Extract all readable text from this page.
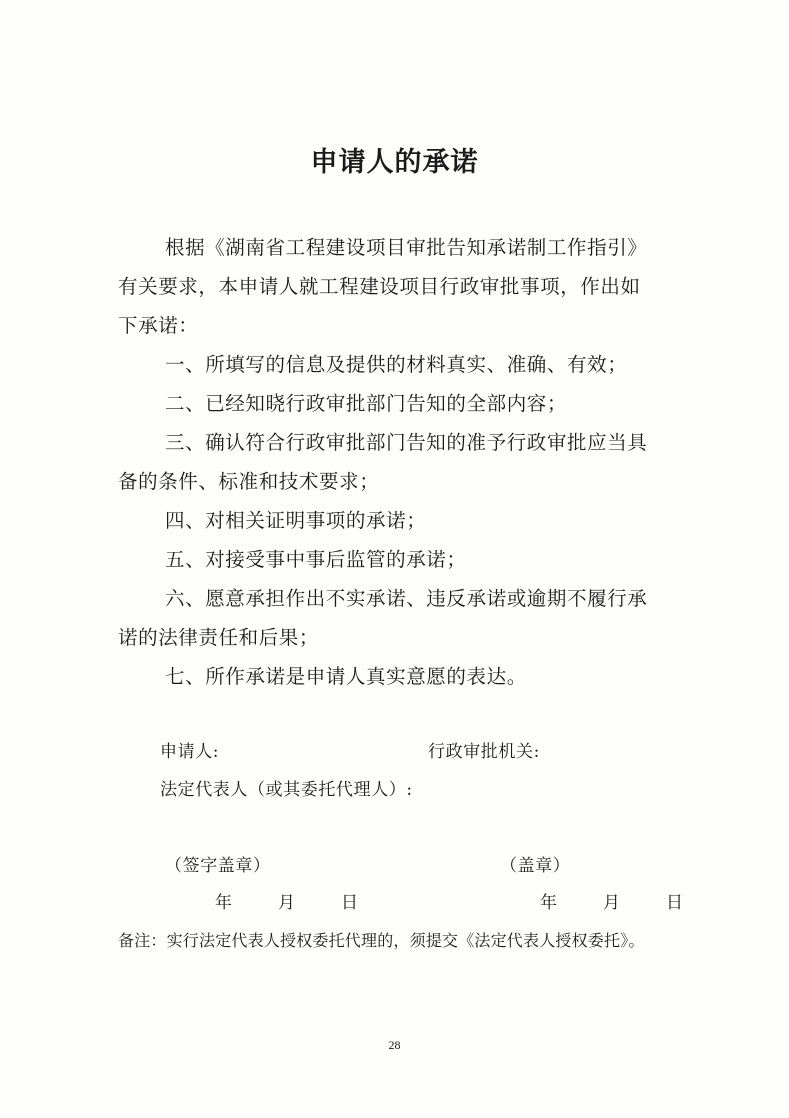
申请人的承诺
根据《湖南省工程建设项目审批告知承诺制工作指引》
有关要求，本申请人就工程建设项目行政审批事项，作出如
下承诺：
一、所填写的信息及提供的材料真实、准确、有效；
二、已经知晓行政审批部门告知的全部内容；
三、确认符合行政审批部门告知的准予行政审批应当具
备的条件、标准和技术要求；
四、对相关证明事项的承诺；
五、对接受事中事后监管的承诺；
六、愿意承担作出不实承诺、违反承诺或逾期不履行承
诺的法律责任和后果；
七、所作承诺是申请人真实意愿的表达。
申请人:	行政审批机关:
法定代表人（或其委托代理人）:
（签字盖章）	（盖章）
年　　月　　日	年　　月　　日
备注：实行法定代表人授权委托代理的，须提交《法定代表人授权委托》。
28
